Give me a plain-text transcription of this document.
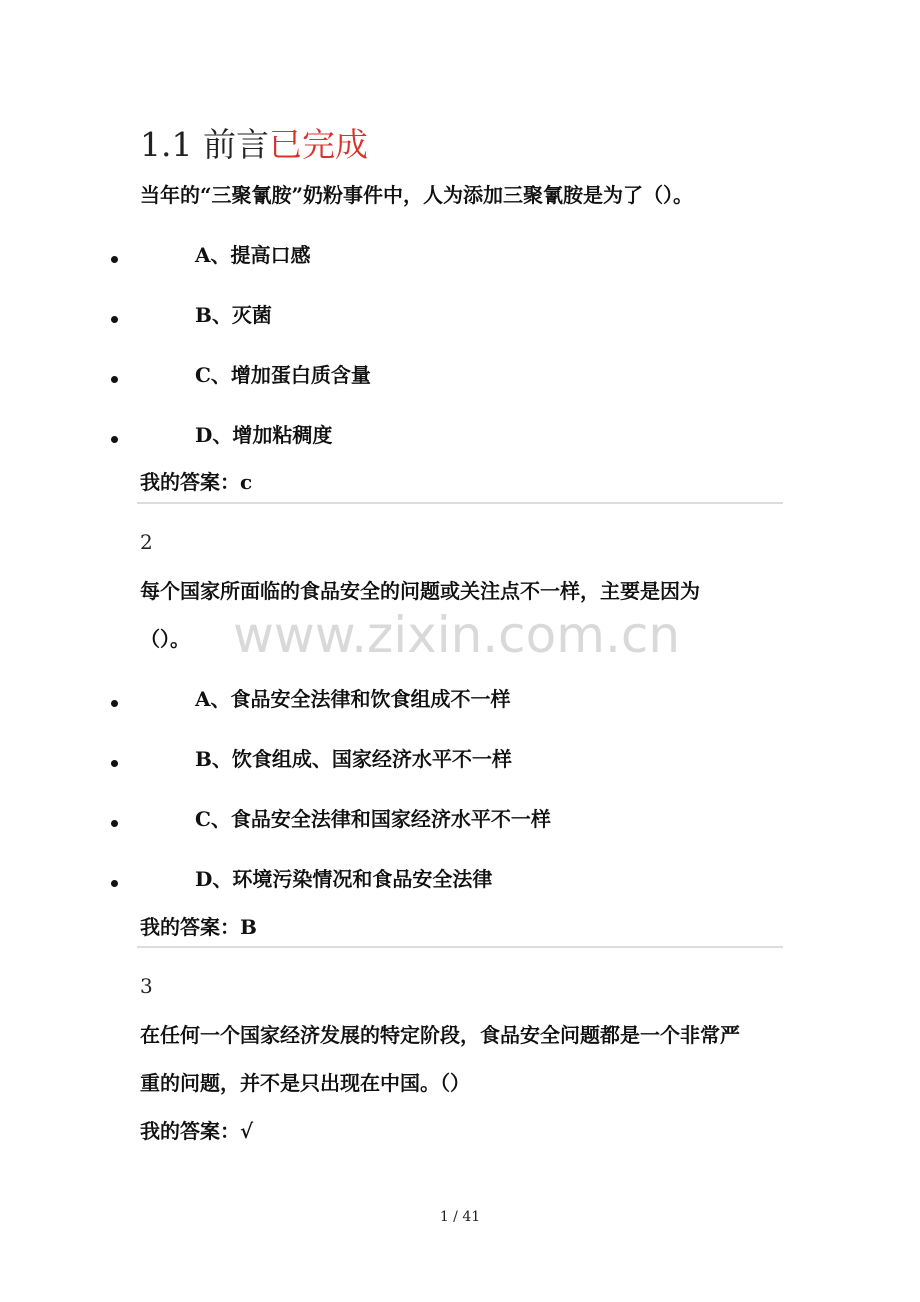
1.1 前言已完成
当年的“三聚氰胺”奶粉事件中，人为添加三聚氰胺是为了（）。
A、提高口感
B、灭菌
C、增加蛋白质含量
D、增加粘稠度
我的答案：c
2
每个国家所面临的食品安全的问题或关注点不一样，主要是因为
（）。 www.zixin.com.cn
A、食品安全法律和饮食组成不一样
B、饮食组成、国家经济水平不一样
C、食品安全法律和国家经济水平不一样
D、环境污染情况和食品安全法律
我的答案：B
3
在任何一个国家经济发展的特定阶段，食品安全问题都是一个非常严
重的问题，并不是只出现在中国。（）
我的答案：√
1 / 41
